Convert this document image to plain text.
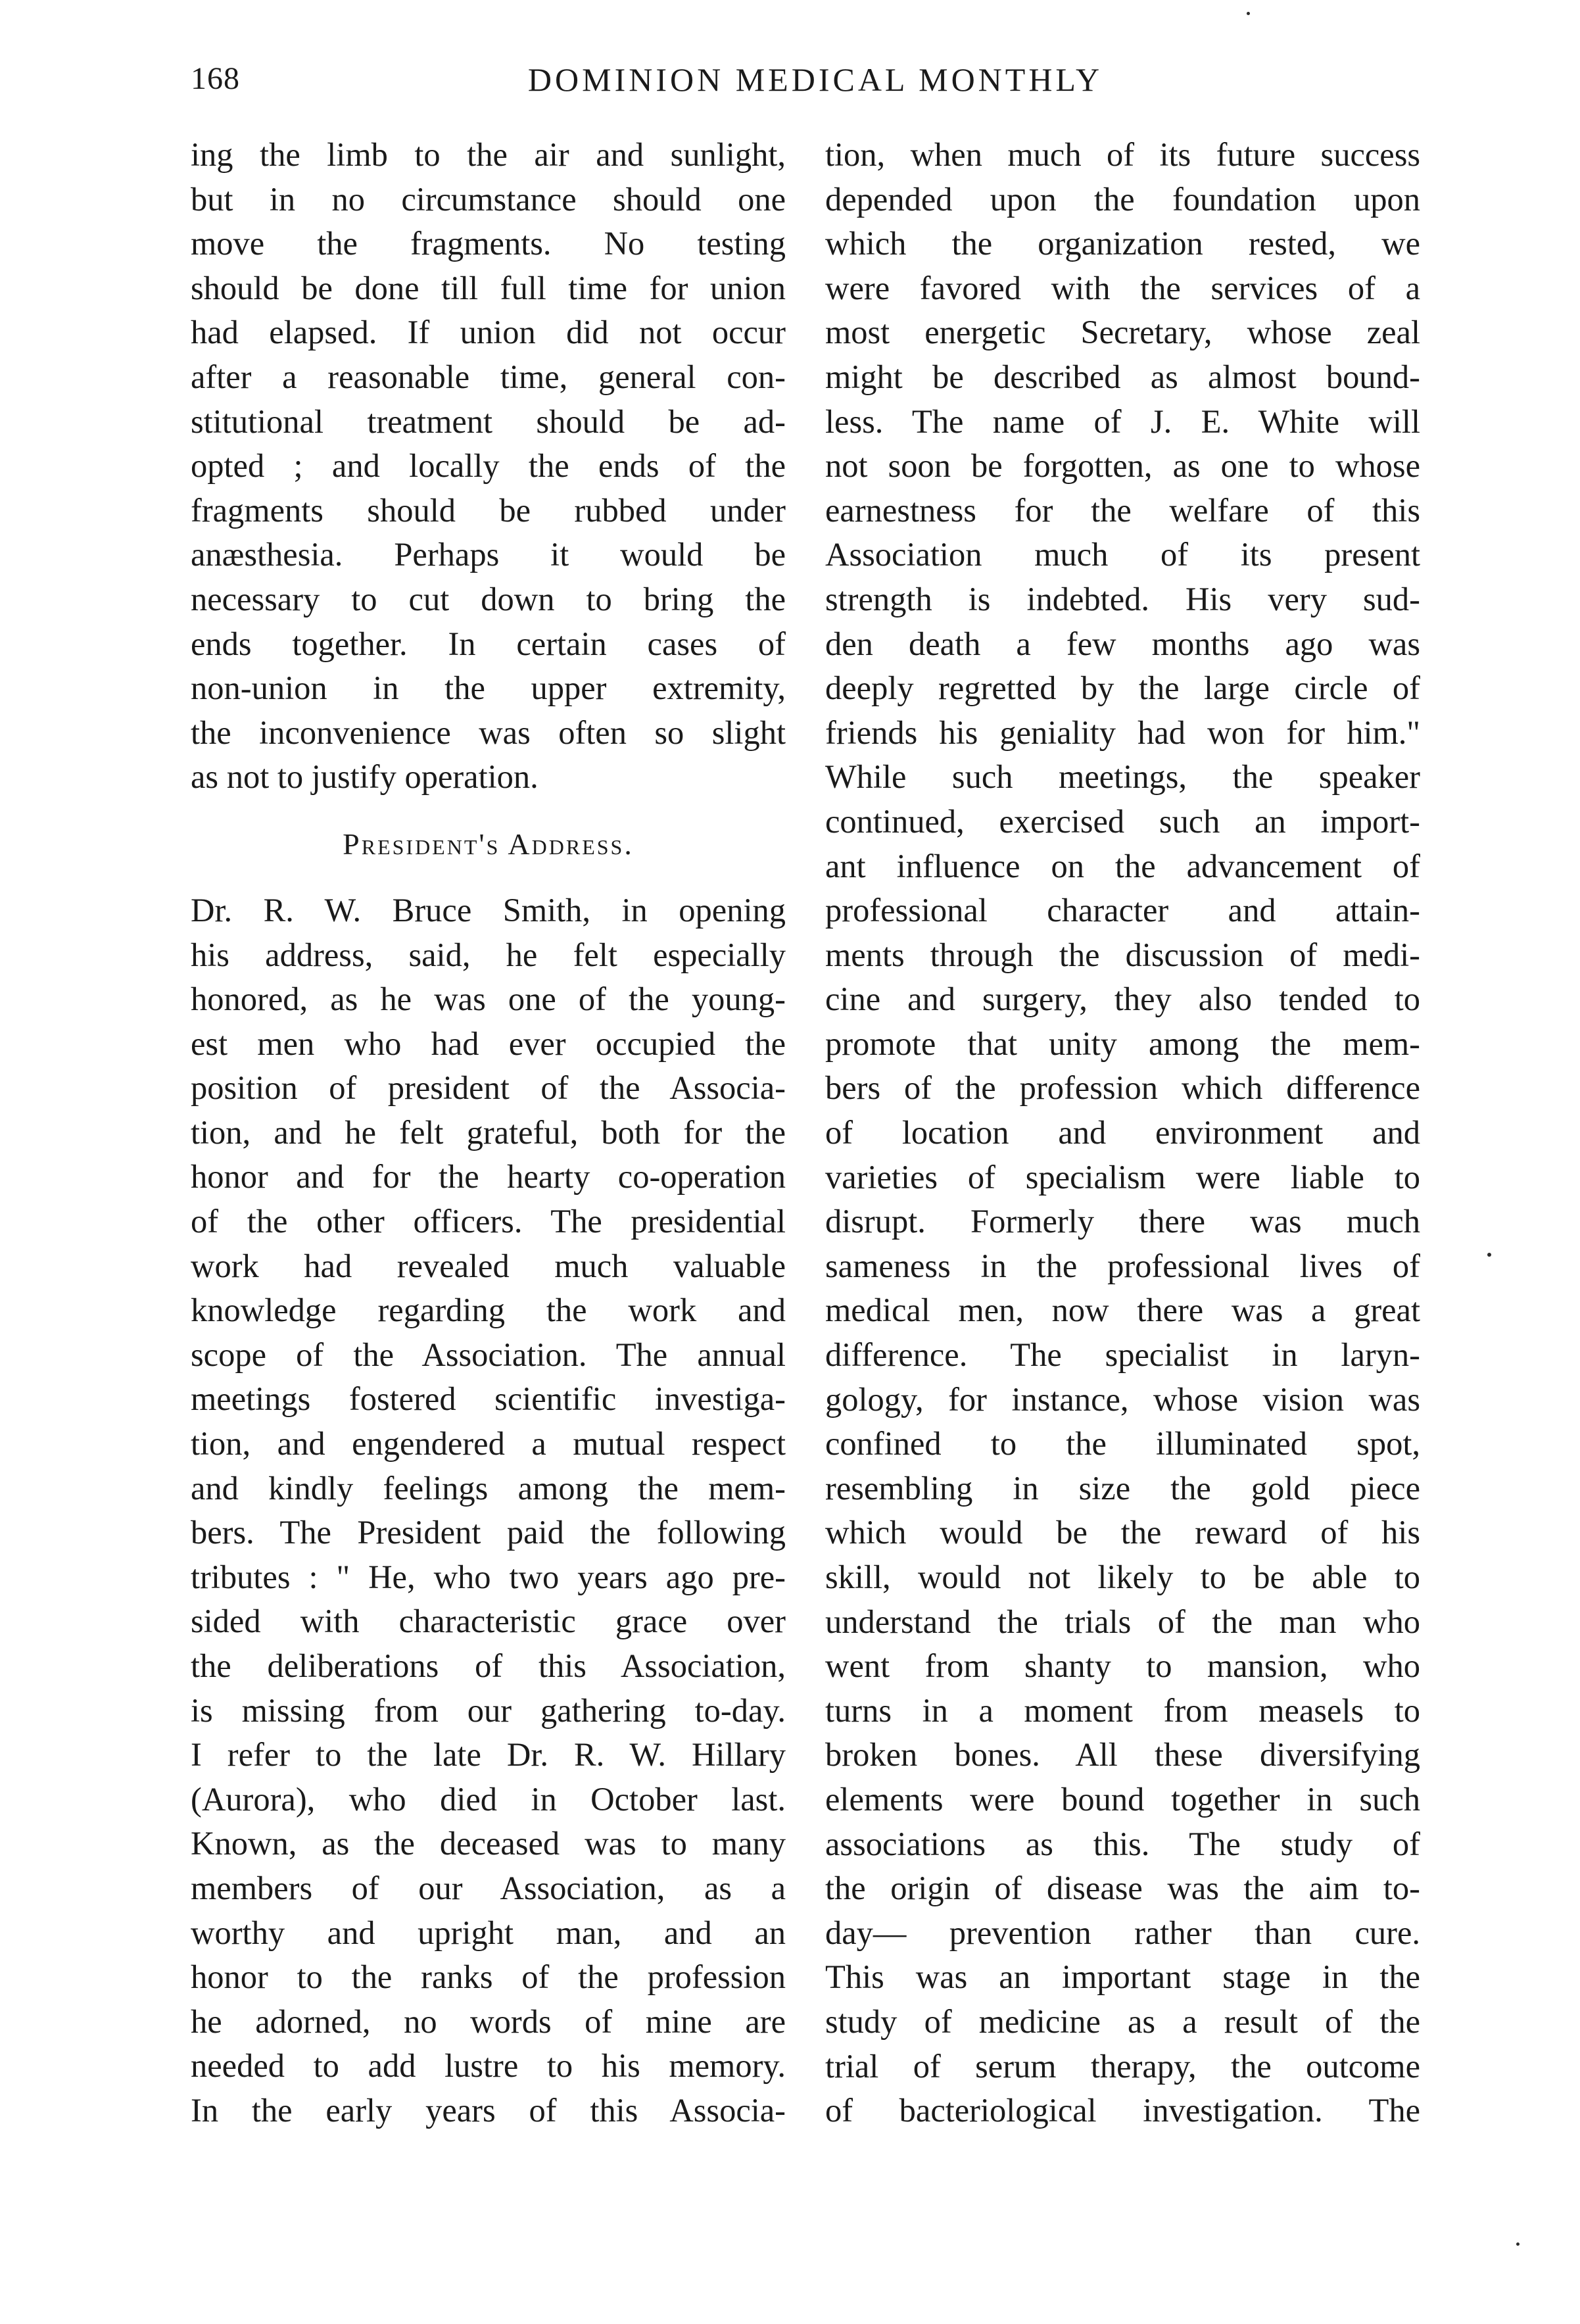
168	DOMINION MEDICAL MONTHLY
ing the limb to the air and sunlight,
but in no circumstance should one
move the fragments. No testing
should be done till full time for union
had elapsed. If union did not occur
after a reasonable time, general con-
stitutional treatment should be ad-
opted ; and locally the ends of the
fragments should be rubbed under
anæsthesia. Perhaps it would be
necessary to cut down to bring the
ends together. In certain cases of
non-union in the upper extremity,
the inconvenience was often so slight
as not to justify operation.
President's Address.
Dr. R. W. Bruce Smith, in opening
his address, said, he felt especially
honored, as he was one of the young-
est men who had ever occupied the
position of president of the Associa-
tion, and he felt grateful, both for the
honor and for the hearty co-operation
of the other officers. The presidential
work had revealed much valuable
knowledge regarding the work and
scope of the Association. The annual
meetings fostered scientific investiga-
tion, and engendered a mutual respect
and kindly feelings among the mem-
bers. The President paid the following
tributes : " He, who two years ago pre-
sided with characteristic grace over
the deliberations of this Association,
is missing from our gathering to-day.
I refer to the late Dr. R. W. Hillary
(Aurora), who died in October last.
Known, as the deceased was to many
members of our Association, as a
worthy and upright man, and an
honor to the ranks of the profession
he adorned, no words of mine are
needed to add lustre to his memory.
In the early years of this Associa-
tion, when much of its future success
depended upon the foundation upon
which the organization rested, we
were favored with the services of a
most energetic Secretary, whose zeal
might be described as almost bound-
less. The name of J. E. White will
not soon be forgotten, as one to whose
earnestness for the welfare of this
Association much of its present
strength is indebted. His very sud-
den death a few months ago was
deeply regretted by the large circle of
friends his geniality had won for him."
While such meetings, the speaker
continued, exercised such an import-
ant influence on the advancement of
professional character and attain-
ments through the discussion of medi-
cine and surgery, they also tended to
promote that unity among the mem-
bers of the profession which difference
of location and environment and
varieties of specialism were liable to
disrupt. Formerly there was much
sameness in the professional lives of
medical men, now there was a great
difference. The specialist in laryn-
gology, for instance, whose vision was
confined to the illuminated spot,
resembling in size the gold piece
which would be the reward of his
skill, would not likely to be able to
understand the trials of the man who
went from shanty to mansion, who
turns in a moment from measels to
broken bones. All these diversifying
elements were bound together in such
associations as this. The study of
the origin of disease was the aim to-
day— prevention rather than cure.
This was an important stage in the
study of medicine as a result of the
trial of serum therapy, the outcome
of bacteriological investigation. The
